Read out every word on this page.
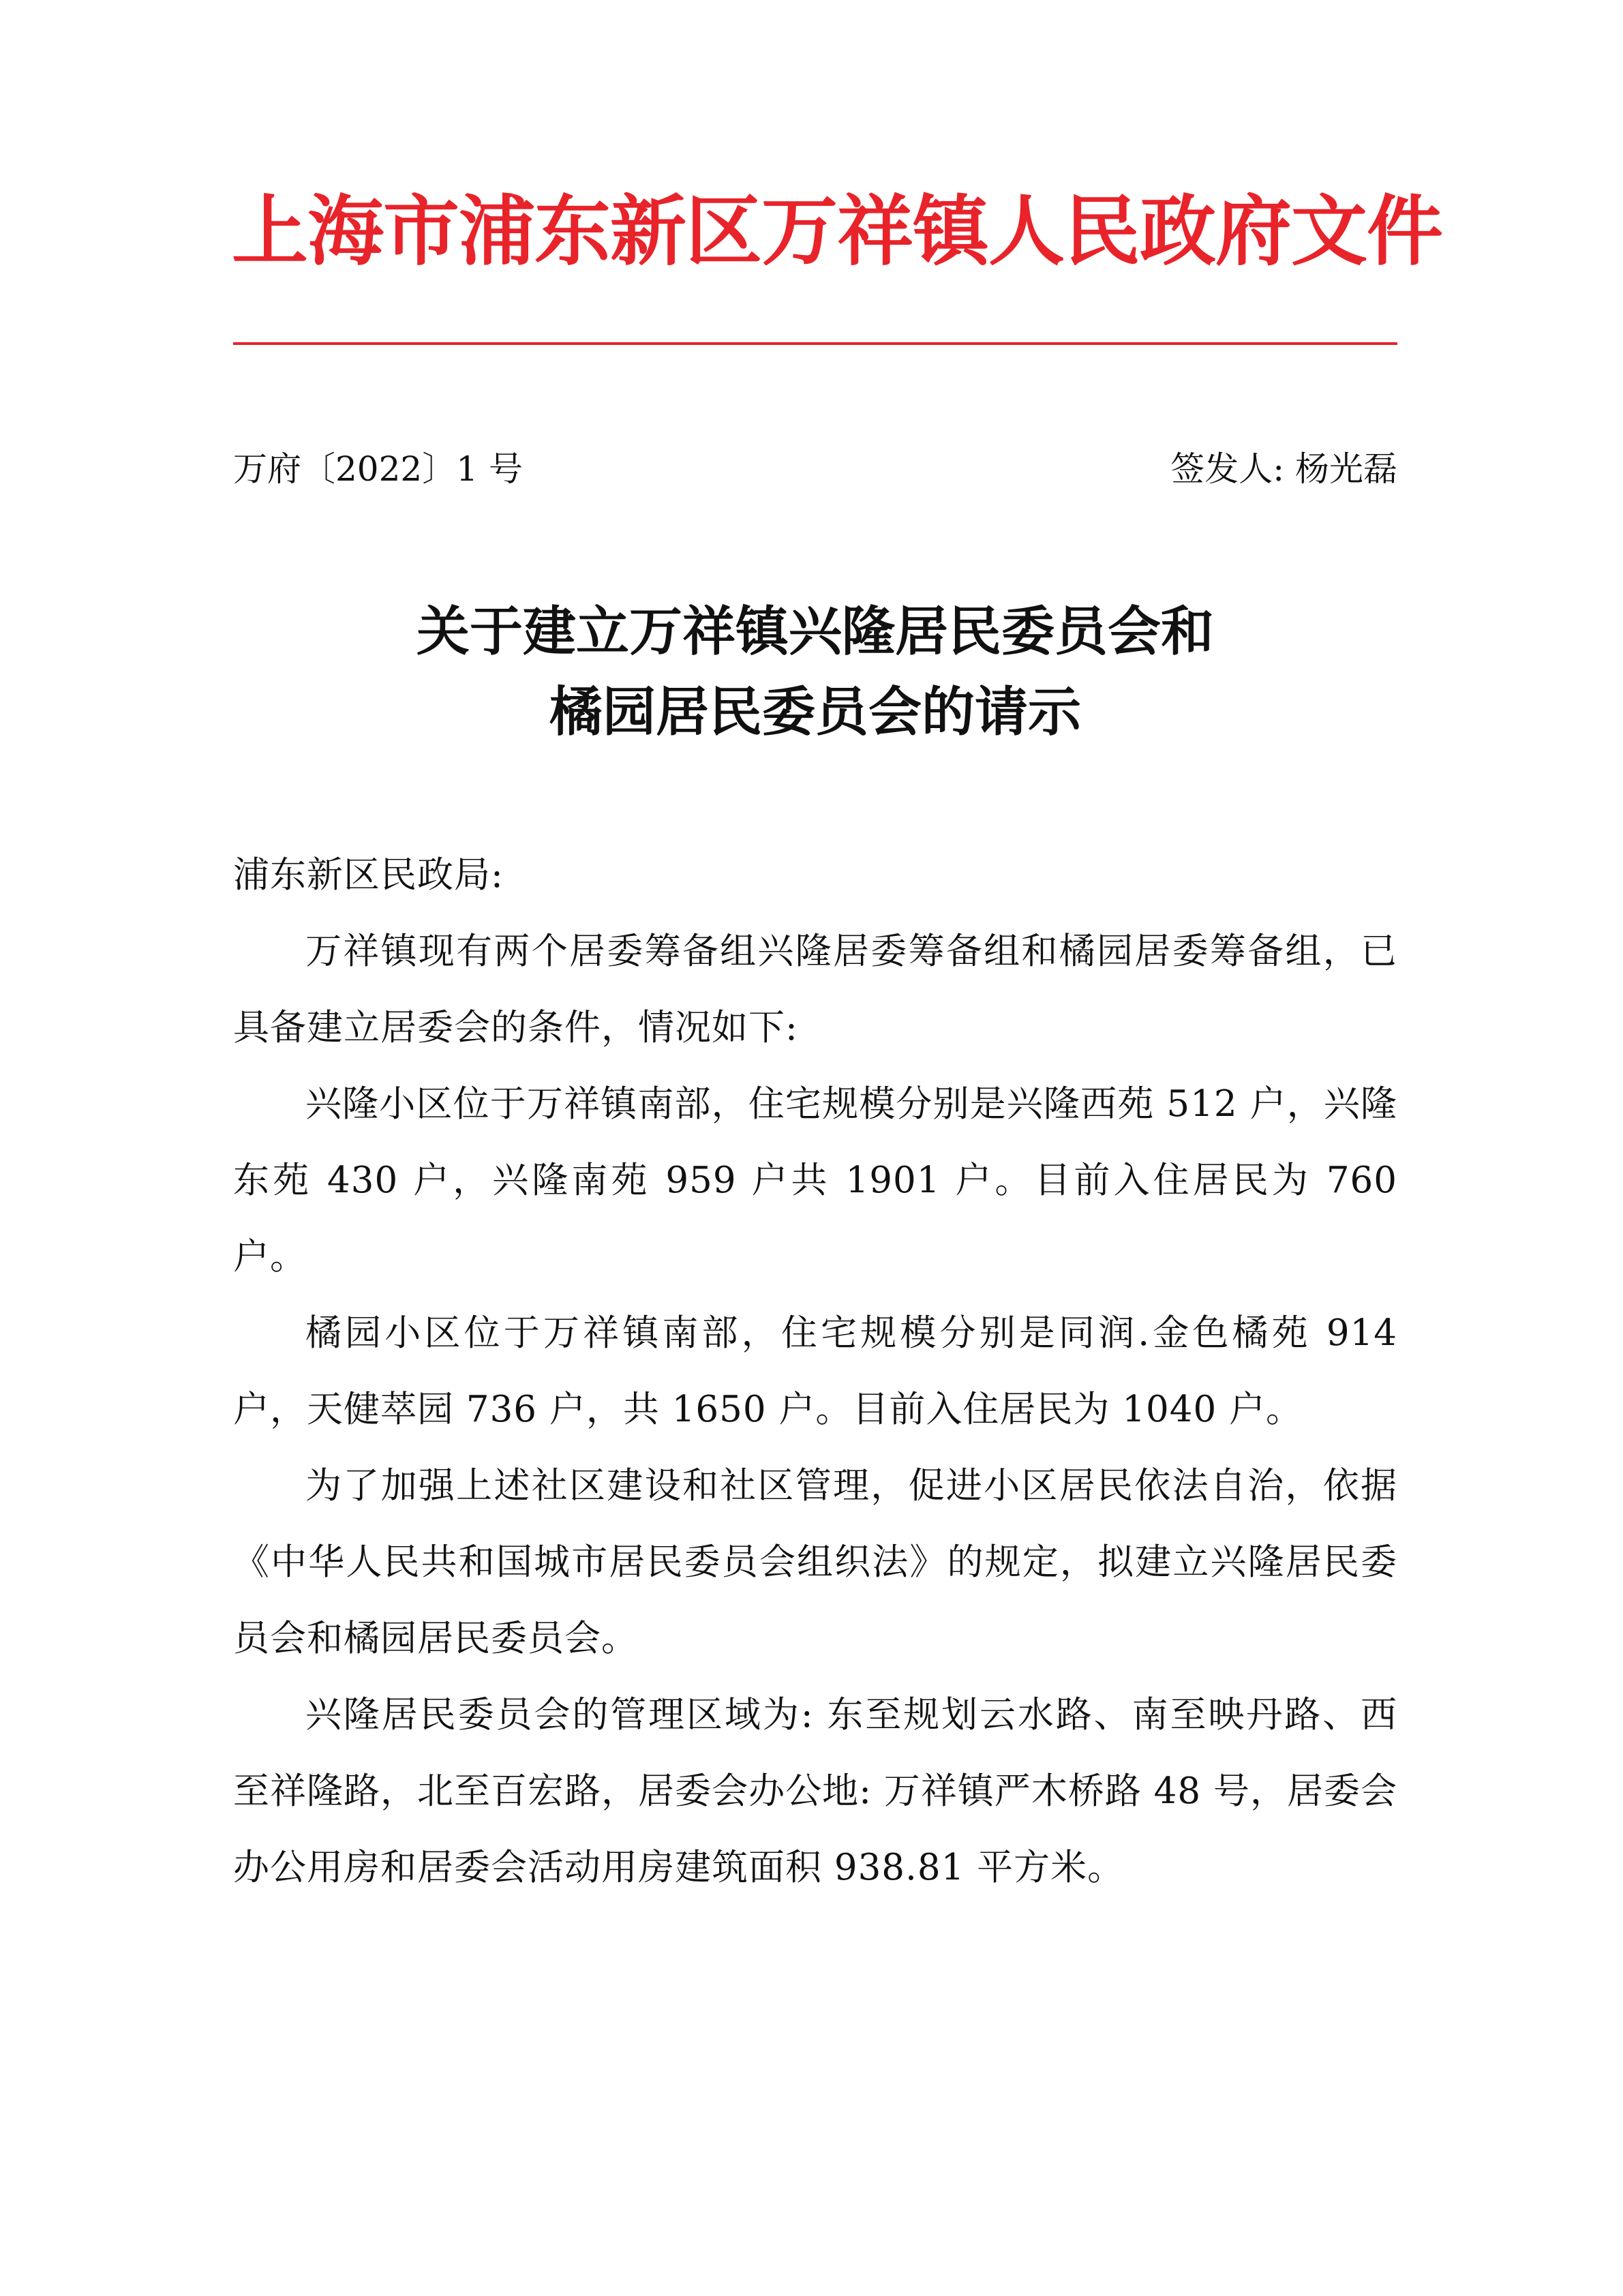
上海市浦东新区万祥镇人民政府文件
万府〔2022〕1 号	签发人: 杨光磊
关于建立万祥镇兴隆居民委员会和
橘园居民委员会的请示

浦东新区民政局:

万祥镇现有两个居委筹备组兴隆居委筹备组和橘园居委筹备组，已具备建立居委会的条件，情况如下:

兴隆小区位于万祥镇南部，住宅规模分别是兴隆西苑 512 户，兴隆东苑 430 户，兴隆南苑 959 户共 1901 户。目前入住居民为 760 户。

橘园小区位于万祥镇南部，住宅规模分别是同润.金色橘苑 914 户，天健萃园 736 户，共 1650 户。目前入住居民为 1040 户。

为了加强上述社区建设和社区管理，促进小区居民依法自治，依据《中华人民共和国城市居民委员会组织法》的规定，拟建立兴隆居民委员会和橘园居民委员会。

兴隆居民委员会的管理区域为: 东至规划云水路、南至映丹路、西至祥隆路，北至百宏路，居委会办公地: 万祥镇严木桥路 48 号，居委会办公用房和居委会活动用房建筑面积 938.81 平方米。
